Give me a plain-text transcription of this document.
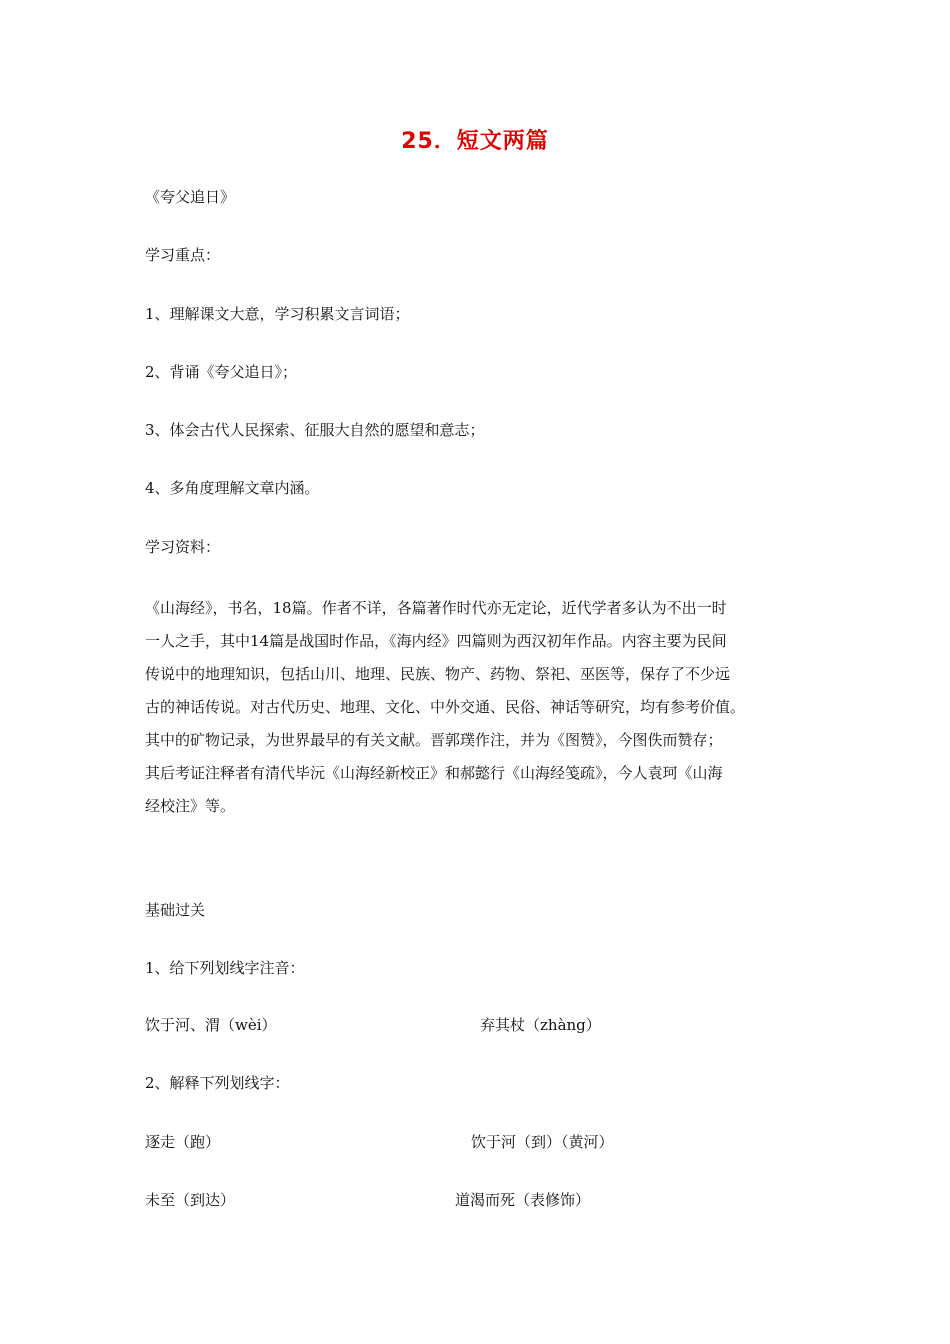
25．短文两篇
《夸父追日》
学习重点：
1、理解课文大意，学习积累文言词语；
2、背诵《夸父追日》；
3、体会古代人民探索、征服大自然的愿望和意志；
4、多角度理解文章内涵。
学习资料：
《山海经》，书名，18篇。作者不详，各篇著作时代亦无定论，近代学者多认为不出一时
一人之手，其中14篇是战国时作品，《海内经》四篇则为西汉初年作品。内容主要为民间
传说中的地理知识，包括山川、地理、民族、物产、药物、祭祀、巫医等，保存了不少远
古的神话传说。对古代历史、地理、文化、中外交通、民俗、神话等研究，均有参考价值。
其中的矿物记录，为世界最早的有关文献。晋郭璞作注，并为《图赞》，今图佚而赞存；
其后考证注释者有清代毕沅《山海经新校正》和郝懿行《山海经笺疏》，今人袁珂《山海
经校注》等。
基础过关
1、给下列划线字注音：
饮于河、渭（wèi）	弃其杖（zhàng）
2、解释下列划线字：
逐走（跑）	饮于河（到）（黄河）
未至（到达）	道渴而死（表修饰）
